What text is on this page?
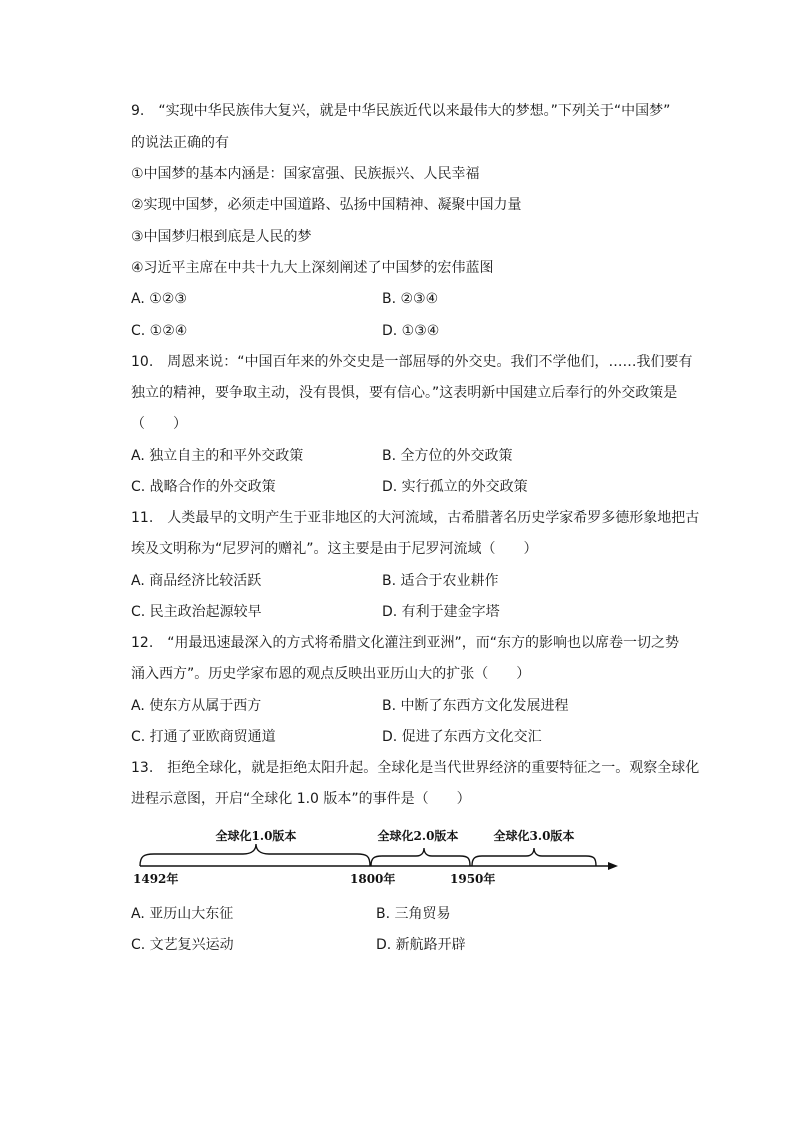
9.　“实现中华民族伟大复兴，就是中华民族近代以来最伟大的梦想。”下列关于“中国梦”
的说法正确的有
①中国梦的基本内涵是：国家富强、民族振兴、人民幸福
②实现中国梦，必须走中国道路、弘扬中国精神、凝聚中国力量
③中国梦归根到底是人民的梦
④习近平主席在中共十九大上深刻阐述了中国梦的宏伟蓝图
A. ①②③	B. ②③④
C. ①②④	D. ①③④
10.　周恩来说：“中国百年来的外交史是一部屈辱的外交史。我们不学他们，……我们要有
独立的精神，要争取主动，没有畏惧，要有信心。”这表明新中国建立后奉行的外交政策是
（　　）
A. 独立自主的和平外交政策	B. 全方位的外交政策
C. 战略合作的外交政策	D. 实行孤立的外交政策
11.　人类最早的文明产生于亚非地区的大河流域，古希腊著名历史学家希罗多德形象地把古
埃及文明称为“尼罗河的赠礼”。这主要是由于尼罗河流域（　　）
A. 商品经济比较活跃	B. 适合于农业耕作
C. 民主政治起源较早	D. 有利于建金字塔
12.　“用最迅速最深入的方式将希腊文化灌注到亚洲”，而“东方的影响也以席卷一切之势
涌入西方”。历史学家布恩的观点反映出亚历山大的扩张（　　）
A. 使东方从属于西方	B. 中断了东西方文化发展进程
C. 打通了亚欧商贸通道	D. 促进了东西方文化交汇
13.　拒绝全球化，就是拒绝太阳升起。全球化是当代世界经济的重要特征之一。观察全球化
进程示意图，开启“全球化 1.0 版本”的事件是（　　）
全球化1.0版本	全球化2.0版本	全球化3.0版本
1492年	1800年	1950年
A. 亚历山大东征	B. 三角贸易
C. 文艺复兴运动	D. 新航路开辟
